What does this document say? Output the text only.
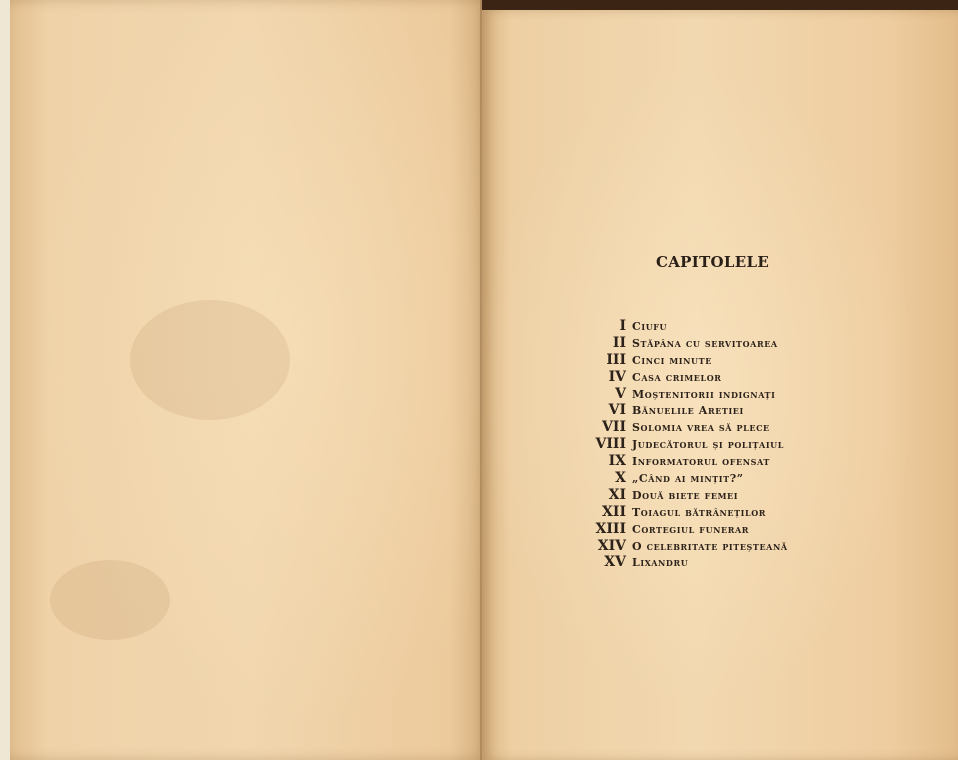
CAPITOLELE
I Ciufu
II Stăpâna cu servitoarea
III Cinci minute
IV Casa crimelor
V Moștenitorii indignați
VI Bănuelile Aretiei
VII Solomia vrea să plece
VIII Judecătorul și polițaiul
IX Informatorul ofensat
X „Când ai mințit?”
XI Două biete femei
XII Toiagul bătrâneților
XIII Cortegiul funerar
XIV O celebritate piteșteană
XV Lixandru
